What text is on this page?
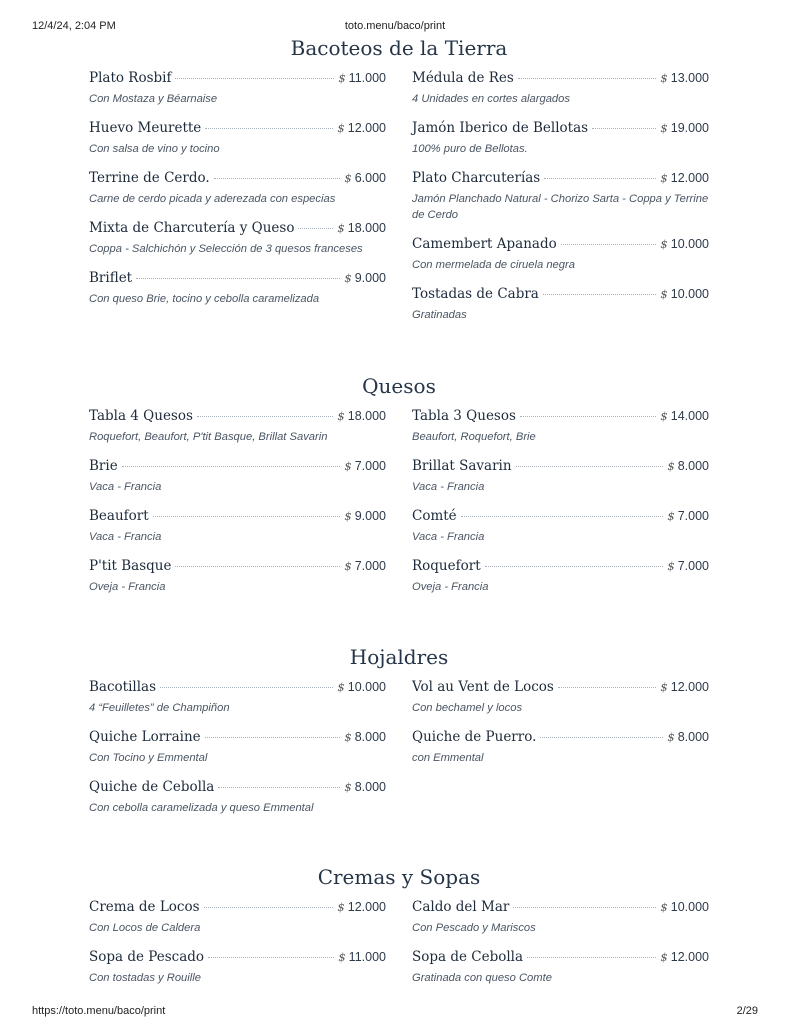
12/4/24, 2:04 PM	toto.menu/baco/print
Bacoteos de la Tierra
Plato Rosbif	$ 11.000
Con Mostaza y Béarnaise
Huevo Meurette	$ 12.000
Con salsa de vino y tocino
Terrine de Cerdo.	$ 6.000
Carne de cerdo picada y aderezada con especias
Mixta de Charcutería y Queso	$ 18.000
Coppa - Salchichón y Selección de 3 quesos franceses
Briflet	$ 9.000
Con queso Brie, tocino y cebolla caramelizada
Médula de Res	$ 13.000
4 Unidades en cortes alargados
Jamón Iberico de Bellotas	$ 19.000
100% puro de Bellotas.
Plato Charcuterías	$ 12.000
Jamón Planchado Natural - Chorizo Sarta - Coppa y Terrine de Cerdo
Camembert Apanado	$ 10.000
Con mermelada de ciruela negra
Tostadas de Cabra	$ 10.000
Gratinadas
Quesos
Tabla 4 Quesos	$ 18.000
Roquefort, Beaufort, P'tit Basque, Brillat Savarin
Brie	$ 7.000
Vaca - Francia
Beaufort	$ 9.000
Vaca - Francia
P'tit Basque	$ 7.000
Oveja - Francia
Tabla 3 Quesos	$ 14.000
Beaufort, Roquefort, Brie
Brillat Savarin	$ 8.000
Vaca - Francia
Comté	$ 7.000
Vaca - Francia
Roquefort	$ 7.000
Oveja - Francia
Hojaldres
Bacotillas	$ 10.000
4 “Feuilletes” de Champiñon
Quiche Lorraine	$ 8.000
Con Tocino y Emmental
Quiche de Cebolla	$ 8.000
Con cebolla caramelizada y queso Emmental
Vol au Vent de Locos	$ 12.000
Con bechamel y locos
Quiche de Puerro.	$ 8.000
con Emmental
Cremas y Sopas
Crema de Locos	$ 12.000
Con Locos de Caldera
Sopa de Pescado	$ 11.000
Con tostadas y Rouille
Caldo del Mar	$ 10.000
Con Pescado y Mariscos
Sopa de Cebolla	$ 12.000
Gratinada con queso Comte
https://toto.menu/baco/print	2/29
